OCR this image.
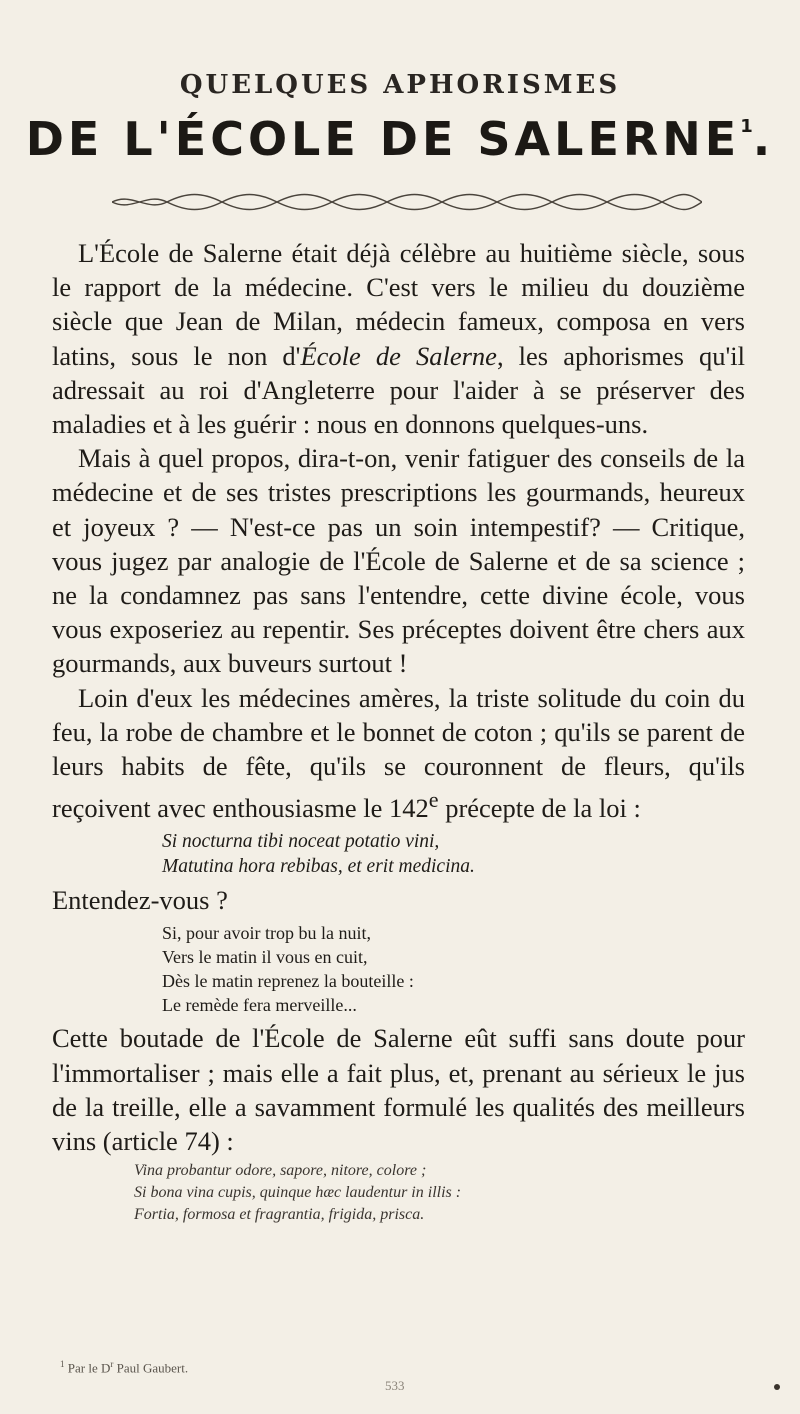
QUELQUES APHORISMES
DE L'ÉCOLE DE SALERNE$^1$.

L'École de Salerne était déjà célèbre au huitième siècle, sous le rapport de la médecine. C'est vers le milieu du douzième siècle que Jean de Milan, médecin fameux, composa en vers latins, sous le non d'École de Salerne, les aphorismes qu'il adressait au roi d'Angleterre pour l'aider à se préserver des maladies et à les guérir : nous en donnons quelques-uns.

Mais à quel propos, dira-t-on, venir fatiguer des conseils de la médecine et de ses tristes prescriptions les gourmands, heureux et joyeux ? — N'est-ce pas un soin intempestif? — Critique, vous jugez par analogie de l'École de Salerne et de sa science ; ne la condamnez pas sans l'entendre, cette divine école, vous vous exposeriez au repentir. Ses préceptes doivent être chers aux gourmands, aux buveurs surtout !

Loin d'eux les médecines amères, la triste solitude du coin du feu, la robe de chambre et le bonnet de coton ; qu'ils se parent de leurs habits de fête, qu'ils se couronnent de fleurs, qu'ils reçoivent avec enthousiasme le 142e précepte de la loi :

Si nocturna tibi noceat potatio vini,
Matutina hora rebibas, et erit medicina.

Entendez-vous ?

Si, pour avoir trop bu la nuit,
Vers le matin il vous en cuit,
Dès le matin reprenez la bouteille :
Le remède fera merveille...

Cette boutade de l'École de Salerne eût suffi sans doute pour l'immortaliser ; mais elle a fait plus, et, prenant au sérieux le jus de la treille, elle a savamment formulé les qualités des meilleurs vins (article 74) :

Vina probantur odore, sapore, nitore, colore ;
Si bona vina cupis, quinque hæc laudentur in illis :
Fortia, formosa et fragrantia, frigida, prisca.
$^1$ Par le $D^r$ Paul Gaubert.
533
